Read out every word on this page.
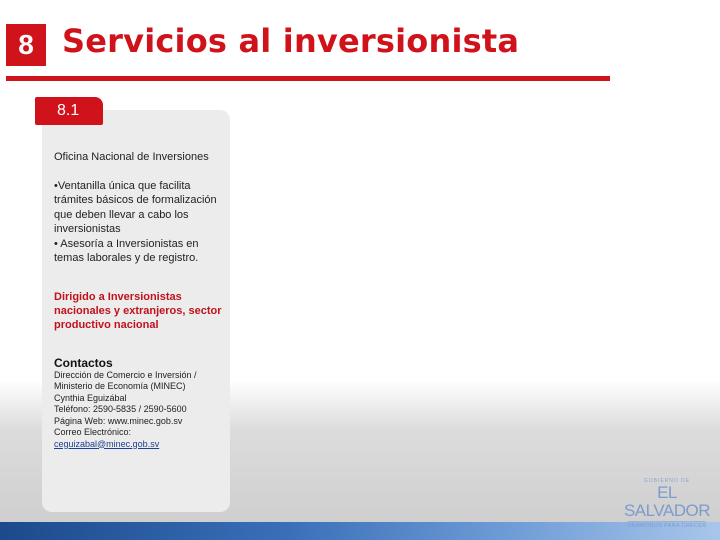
8 Servicios al inversionista
8.1

Oficina Nacional de Inversiones

•Ventanilla única que facilita trámites básicos de formalización que deben llevar a cabo los inversionistas

• Asesoría a Inversionistas en temas laborales y de registro.

Dirigido a Inversionistas nacionales y extranjeros, sector productivo nacional
Contactos
Dirección de Comercio e Inversión /
Ministerio de Economía (MINEC)
Cynthia Eguizábal
Teléfono: 2590-5835 / 2590-5600
Página Web: www.minec.gob.sv
Correo Electrónico:
ceguizabal@minec.gob.sv
GOBIERNO DE
EL SALVADOR
UNÁMONOS PARA CRECER
